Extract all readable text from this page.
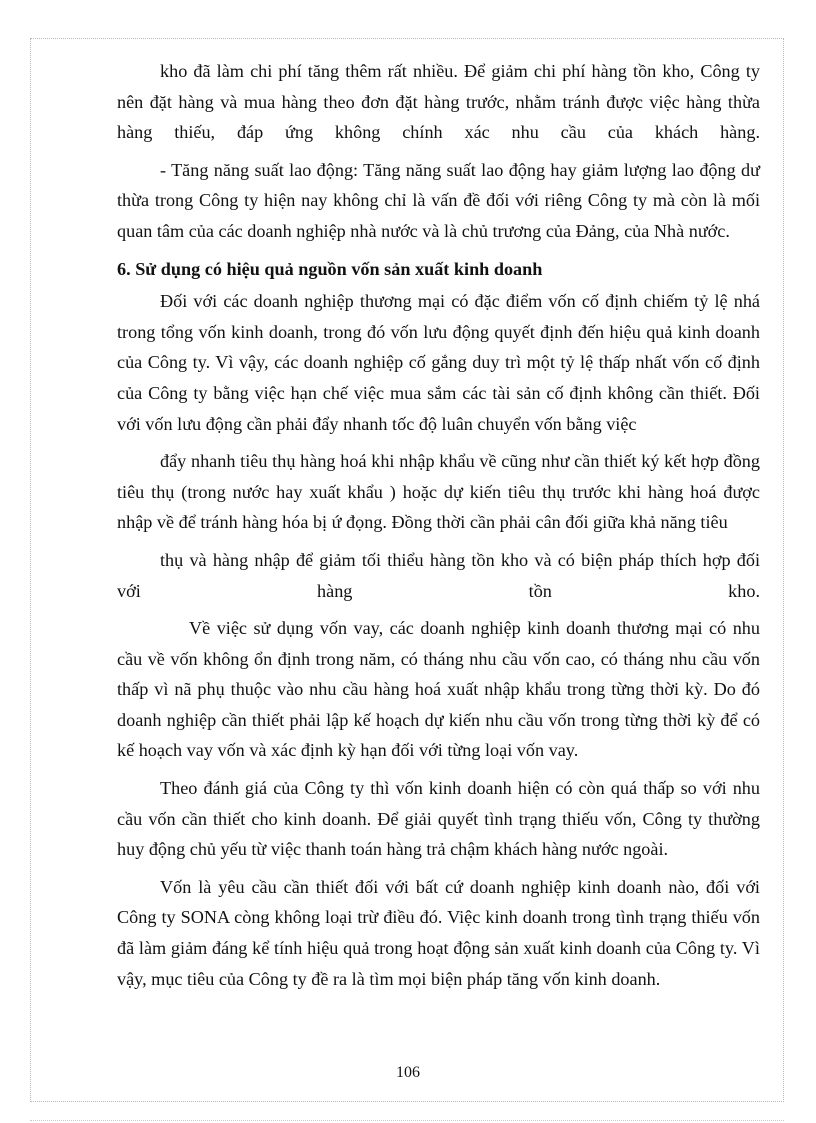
kho đã làm chi phí tăng thêm rất nhiều. Để giảm chi phí hàng tồn kho, Công ty nên đặt hàng và mua hàng theo đơn đặt hàng trước, nhằm tránh được việc hàng thừa hàng thiếu, đáp ứng không chính xác nhu cầu của khách hàng.

- Tăng năng suất lao động: Tăng năng suất lao động hay giảm lượng lao động dư thừa trong Công ty hiện nay không chỉ là vấn đề đối với riêng Công ty mà còn là mối quan tâm của các doanh nghiệp nhà nước và là chủ trương của Đảng, của Nhà nước.

6. Sử dụng có hiệu quả nguồn vốn sản xuất kinh doanh

Đối với các doanh nghiệp thương mại có đặc điểm vốn cố định chiếm tỷ lệ nhá trong tổng vốn kinh doanh, trong đó vốn lưu động quyết định đến hiệu quả kinh doanh của Công ty. Vì vậy, các doanh nghiệp cố gắng duy trì một tỷ lệ thấp nhất vốn cố định của Công ty bằng việc hạn chế việc mua sắm các tài sản cố định không cần thiết. Đối với vốn lưu động cần phải đẩy nhanh tốc độ luân chuyển vốn bằng việc

đẩy nhanh tiêu thụ hàng hoá khi nhập khẩu về cũng như cần thiết ký kết hợp đồng tiêu thụ (trong nước hay xuất khẩu ) hoặc dự kiến tiêu thụ trước khi hàng hoá được nhập về để tránh hàng hóa bị ứ đọng. Đồng thời cần phải cân đối giữa khả năng tiêu

thụ và hàng nhập để giảm tối thiểu hàng tồn kho và có biện pháp thích hợp đối với hàng tồn kho.

Về việc sử dụng vốn vay, các doanh nghiệp kinh doanh thương mại có nhu cầu về vốn không ổn định trong năm, có tháng nhu cầu vốn cao, có tháng nhu cầu vốn thấp vì nã phụ thuộc vào nhu cầu hàng hoá xuất nhập khẩu trong từng thời kỳ. Do đó doanh nghiệp cần thiết phải lập kế hoạch dự kiến nhu cầu vốn trong từng thời kỳ để có kế hoạch vay vốn và xác định kỳ hạn đối với từng loại vốn vay.

Theo đánh giá của Công ty thì vốn kinh doanh hiện có còn quá thấp so với nhu cầu vốn cần thiết cho kinh doanh. Để giải quyết tình trạng thiếu vốn, Công ty thường huy động chủ yếu từ việc thanh toán hàng trả chậm khách hàng nước ngoài.

Vốn là yêu cầu cần thiết đối với bất cứ doanh nghiệp kinh doanh nào, đối với Công ty SONA còng không loại trừ điều đó. Việc kinh doanh trong tình trạng thiếu vốn đã làm giảm đáng kể tính hiệu quả trong hoạt động sản xuất kinh doanh của Công ty. Vì vậy, mục tiêu của Công ty đề ra là tìm mọi biện pháp tăng vốn kinh doanh.

106
